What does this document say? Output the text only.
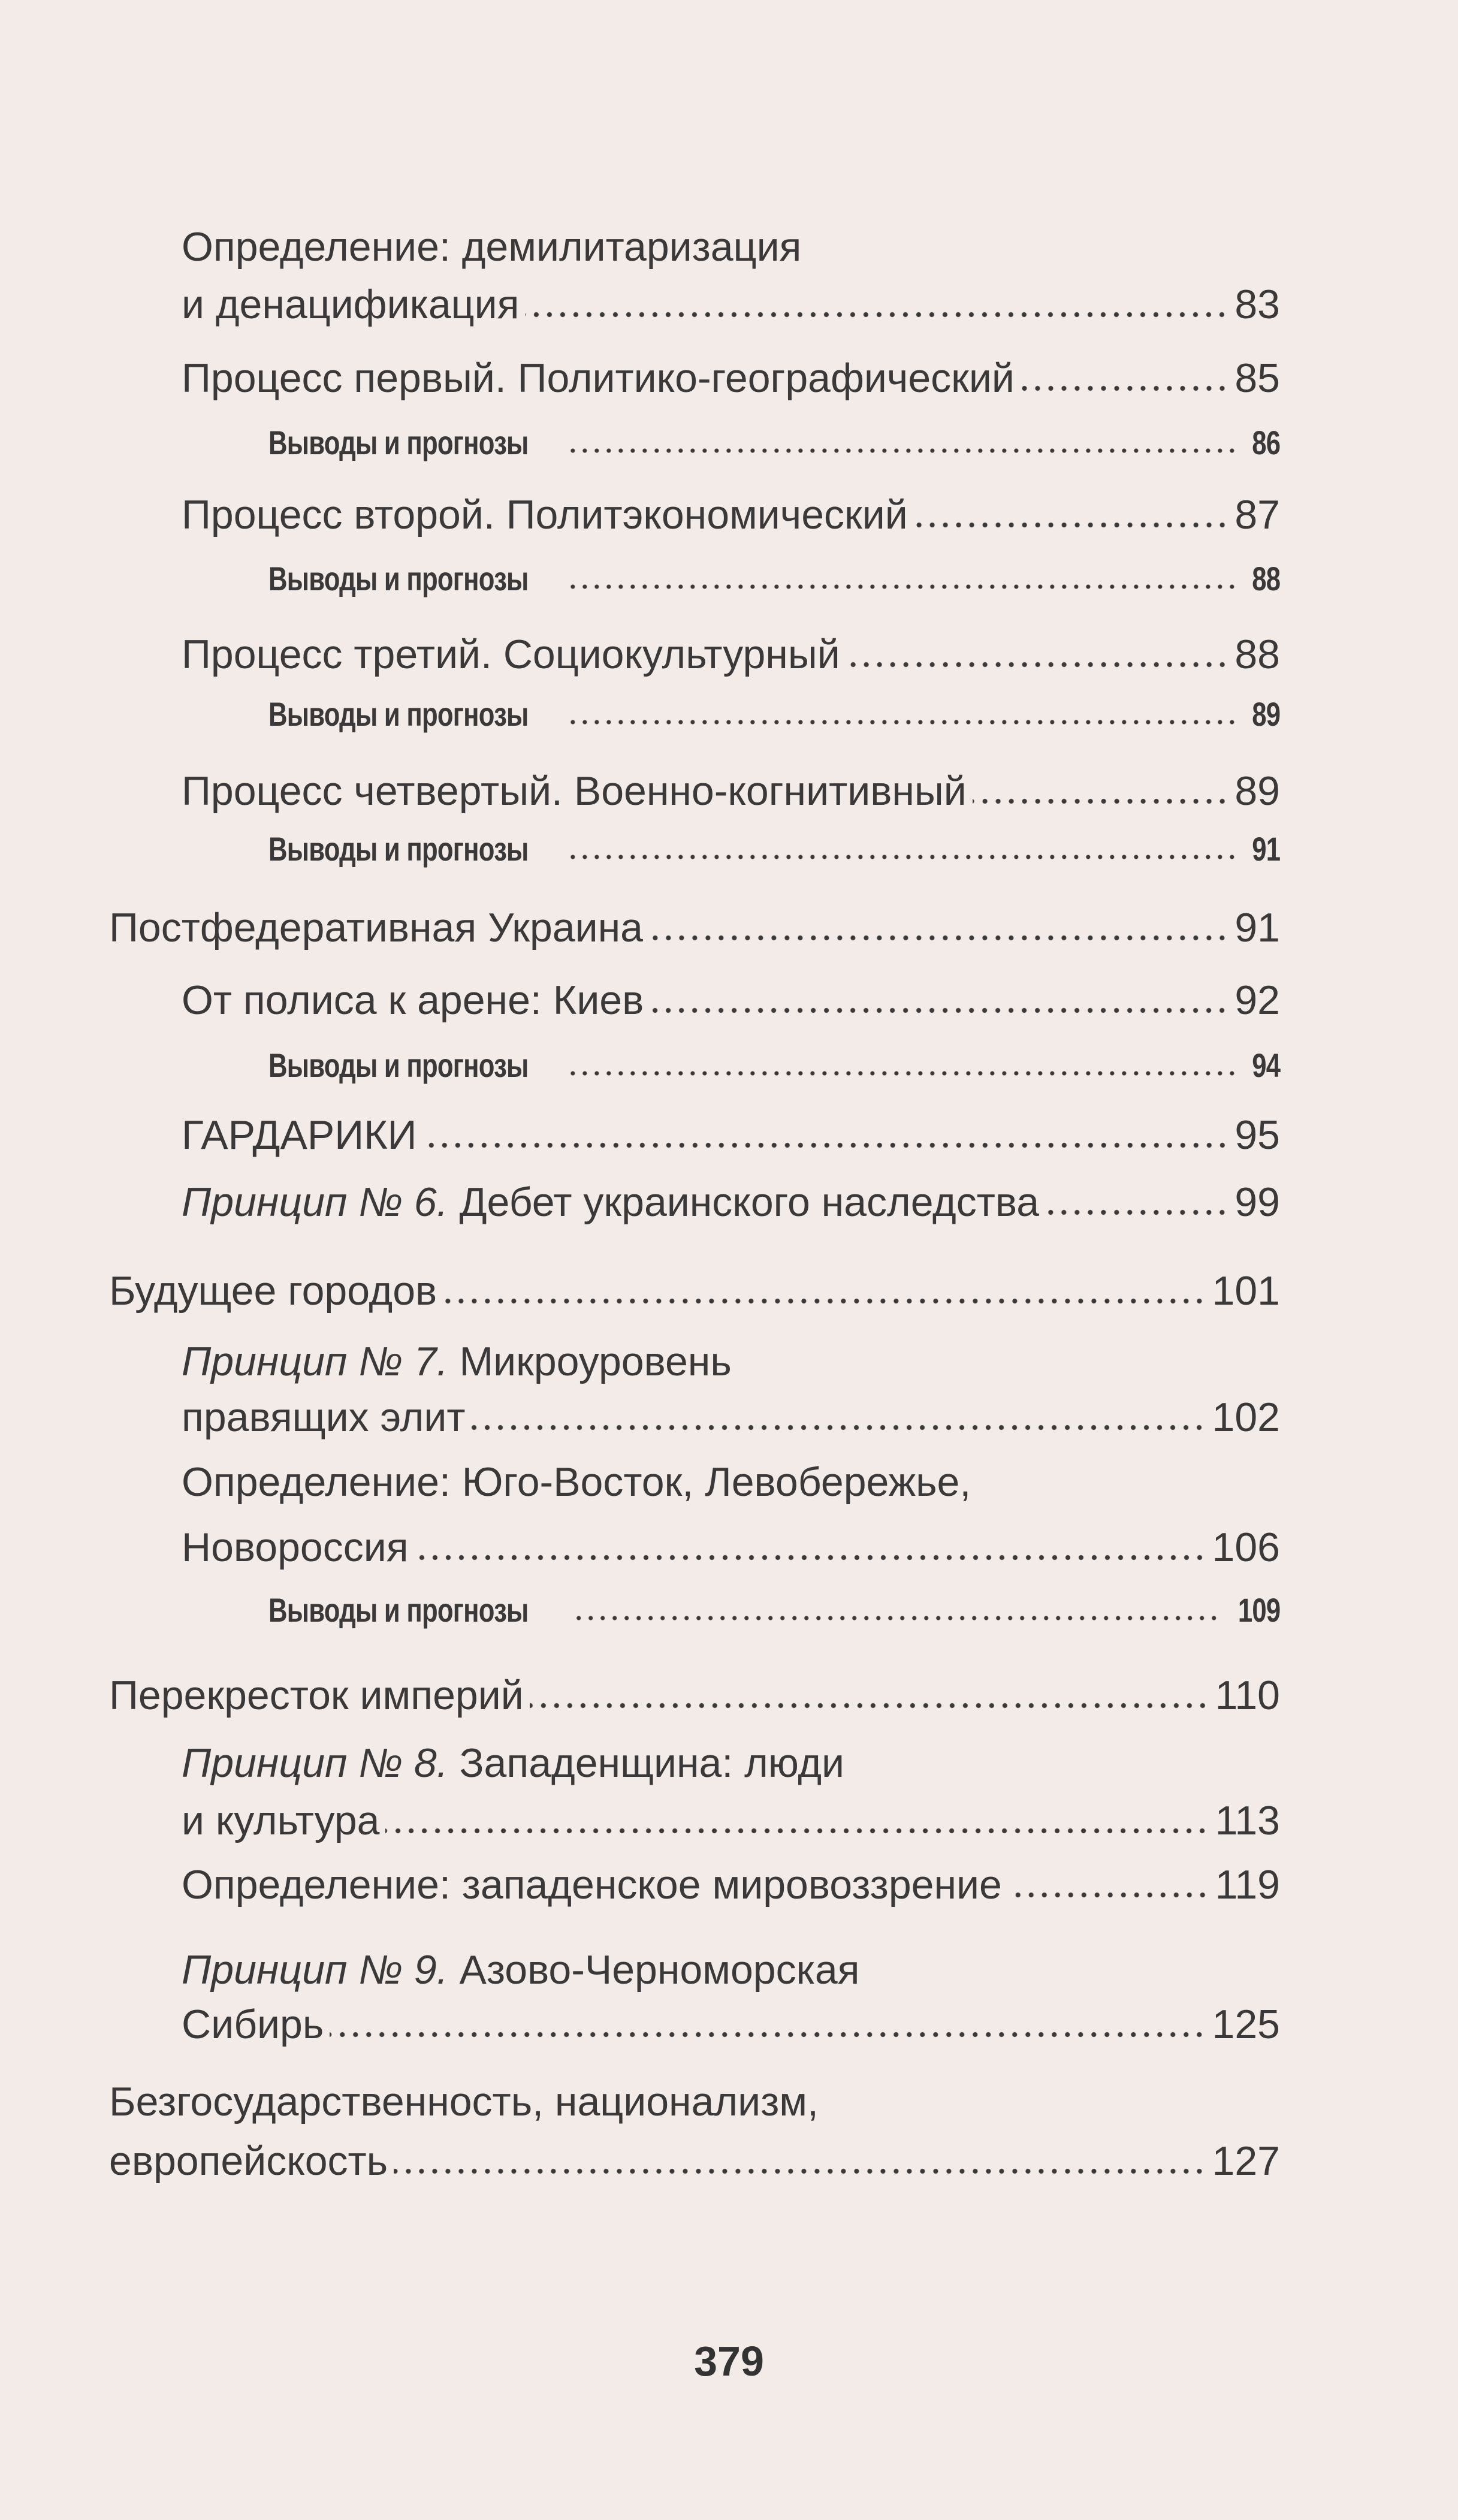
Определение: демилитаризация
и денацификация	83
Процесс первый. Политико-географический	85
Выводы и прогнозы	86
Процесс второй. Политэкономический	87
Выводы и прогнозы	88
Процесс третий. Социокультурный	88
Выводы и прогнозы	89
Процесс четвертый. Военно-когнитивный	89
Выводы и прогнозы	91
Постфедеративная Украина	91
От полиса к арене: Киев	92
Выводы и прогнозы	94
ГАРДАРИКИ	95
Принцип № 6. Дебет украинского наследства	99
Будущее городов	101
Принцип № 7. Микроуровень
правящих элит	102
Определение: Юго-Восток, Левобережье,
Новороссия	106
Выводы и прогнозы	109
Перекресток империй	110
Принцип № 8. Западенщина: люди
и культура	113
Определение: западенское мировоззрение	119
Принцип № 9. Азово-Черноморская
Сибирь	125
Безгосударственность, национализм,
европейскость	127
379
